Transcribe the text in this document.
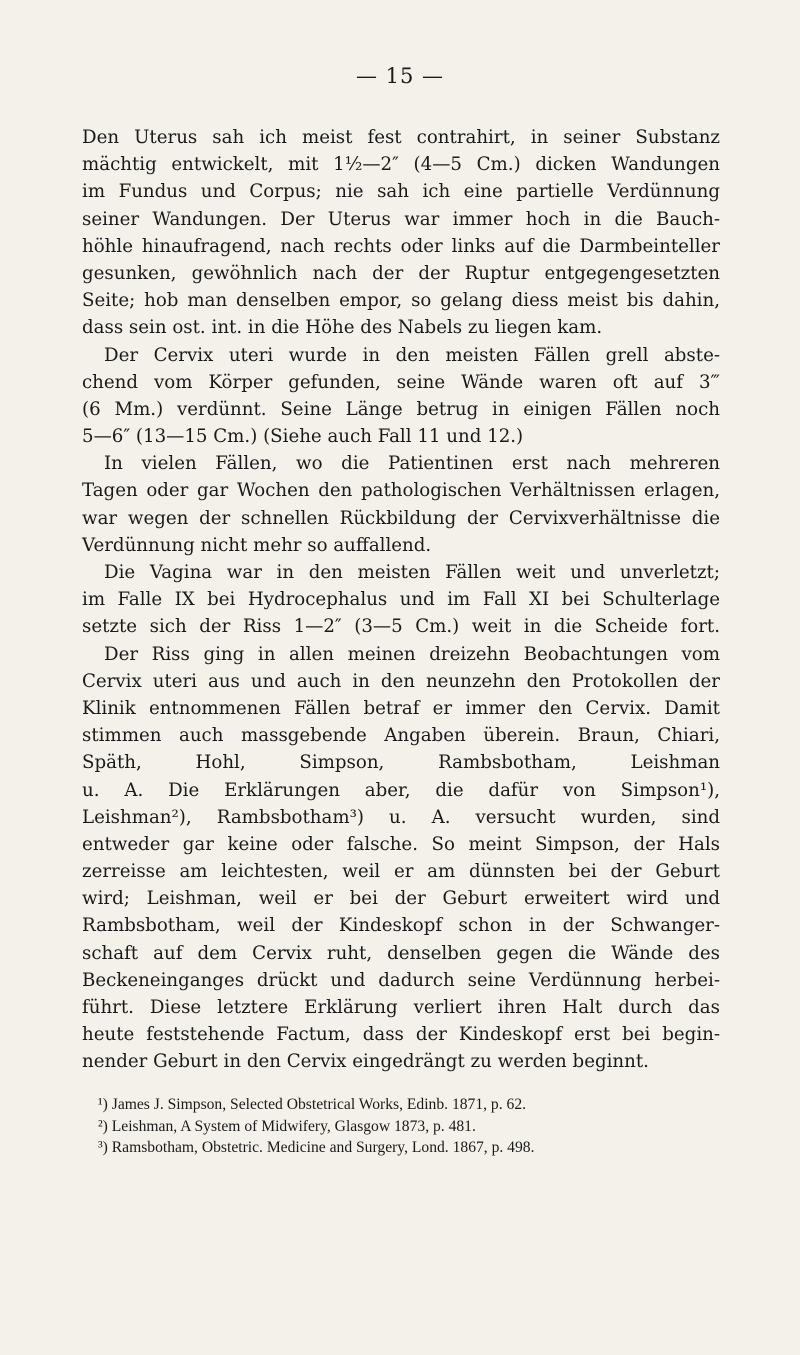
— 15 —
Den Uterus sah ich meist fest contrahirt, in seiner Substanz
mächtig entwickelt, mit 1½—2″ (4—5 Cm.) dicken Wandungen
im Fundus und Corpus; nie sah ich eine partielle Verdünnung
seiner Wandungen. Der Uterus war immer hoch in die Bauch-
höhle hinaufragend, nach rechts oder links auf die Darmbeinteller
gesunken, gewöhnlich nach der der Ruptur entgegengesetzten
Seite; hob man denselben empor, so gelang diess meist bis dahin,
dass sein ost. int. in die Höhe des Nabels zu liegen kam.
Der Cervix uteri wurde in den meisten Fällen grell abste-
chend vom Körper gefunden, seine Wände waren oft auf 3‴
(6 Mm.) verdünnt. Seine Länge betrug in einigen Fällen noch
5—6″ (13—15 Cm.) (Siehe auch Fall 11 und 12.)
In vielen Fällen, wo die Patientinen erst nach mehreren
Tagen oder gar Wochen den pathologischen Verhältnissen erlagen,
war wegen der schnellen Rückbildung der Cervixverhältnisse die
Verdünnung nicht mehr so auffallend.
Die Vagina war in den meisten Fällen weit und unverletzt;
im Falle IX bei Hydrocephalus und im Fall XI bei Schulterlage
setzte sich der Riss 1—2″ (3—5 Cm.) weit in die Scheide fort.
Der Riss ging in allen meinen dreizehn Beobachtungen vom
Cervix uteri aus und auch in den neunzehn den Protokollen der
Klinik entnommenen Fällen betraf er immer den Cervix. Damit
stimmen auch massgebende Angaben überein. Braun, Chiari,
Späth, Hohl, Simpson, Rambsbotham, Leishman
u. A. Die Erklärungen aber, die dafür von Simpson¹),
Leishman²), Rambsbotham³) u. A. versucht wurden, sind
entweder gar keine oder falsche. So meint Simpson, der Hals
zerreisse am leichtesten, weil er am dünnsten bei der Geburt
wird; Leishman, weil er bei der Geburt erweitert wird und
Rambsbotham, weil der Kindeskopf schon in der Schwanger-
schaft auf dem Cervix ruht, denselben gegen die Wände des
Beckeneinganges drückt und dadurch seine Verdünnung herbei-
führt. Diese letztere Erklärung verliert ihren Halt durch das
heute feststehende Factum, dass der Kindeskopf erst bei begin-
nender Geburt in den Cervix eingedrängt zu werden beginnt.
¹) James J. Simpson, Selected Obstetrical Works, Edinb. 1871, p. 62.
²) Leishman, A System of Midwifery, Glasgow 1873, p. 481.
³) Ramsbotham, Obstetric. Medicine and Surgery, Lond. 1867, p. 498.
